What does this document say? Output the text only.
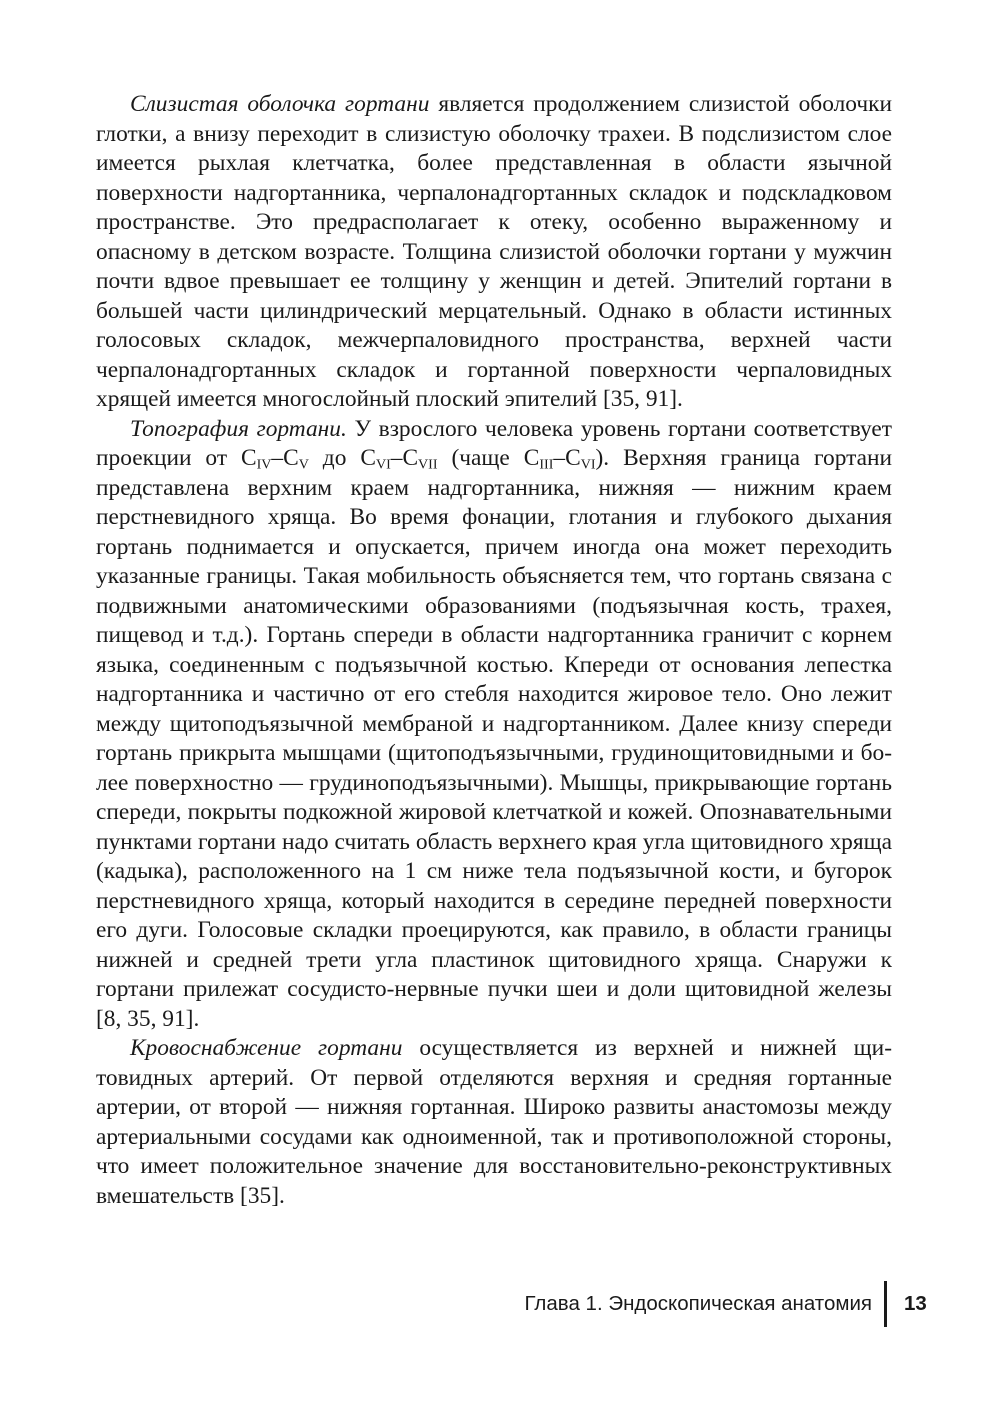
Слизистая оболочка гортани является продолжением слизистой оболочки глотки, а внизу переходит в слизистую оболочку трахеи. В подслизистом слое имеется рыхлая клетчатка, более представленная в области язычной поверхности надгортанника, черпалонадгортанных складок и подскладковом пространстве. Это предрасполагает к отеку, особенно выраженному и опасному в детском возрасте. Толщина слизистой оболочки гортани у мужчин почти вдвое превышает ее толщину у женщин и детей. Эпителий гортани в большей части цилиндрический мерцательный. Однако в области истинных голосовых складок, межчерпаловидного пространства, верхней части черпалонадгортанных складок и гортанной поверхности черпаловидных хрящей имеется многослойный плоский эпителий [35, 91].

Топография гортани. У взрослого человека уровень гортани соответствует проекции от $C_{IV}-C_V$ до $C_{VI}-C_{VII}$ (чаще $C_{III}-C_{VI}$). Верхняя граница гортани представлена верхним краем надгортанника, нижняя — нижним краем перстневидного хряща. Во время фонации, глотания и глубокого дыхания гортань поднимается и опускается, причем иногда она может переходить указанные границы. Такая мобильность объясняется тем, что гортань связана с подвижными анатомическими образованиями (подъязычная кость, трахея, пищевод и т.д.). Гортань спереди в области надгортанника граничит с корнем языка, соединенным с подъязычной костью. Кпереди от основания лепестка надгортанника и частично от его стебля находится жировое тело. Оно лежит между щитоподъязычной мембраной и надгортанником. Далее книзу спереди гортань прикрыта мышцами (щитоподъязычными, грудинощитовидными и более поверхностно — грудиноподъязычными). Мышцы, прикрывающие гортань спереди, покрыты подкожной жировой клетчаткой и кожей. Опознавательными пунктами гортани надо считать область верхнего края угла щитовидного хряща (кадыка), расположенного на 1 см ниже тела подъязычной кости, и бугорок перстневидного хряща, который находится в середине передней поверхности его дуги. Голосовые складки проецируются, как правило, в области границы нижней и средней трети угла пластинок щитовидного хряща. Снаружи к гортани прилежат сосудисто-нервные пучки шеи и доли щитовидной железы [8, 35, 91].

Кровоснабжение гортани осуществляется из верхней и нижней щитовидных артерий. От первой отделяются верхняя и средняя гортанные артерии, от второй — нижняя гортанная. Широко развиты анастомозы между артериальными сосудами как одноименной, так и противоположной стороны, что имеет положительное значение для восстановительно-реконструктивных вмешательств [35].

Глава 1. Эндоскопическая анатомия 13
